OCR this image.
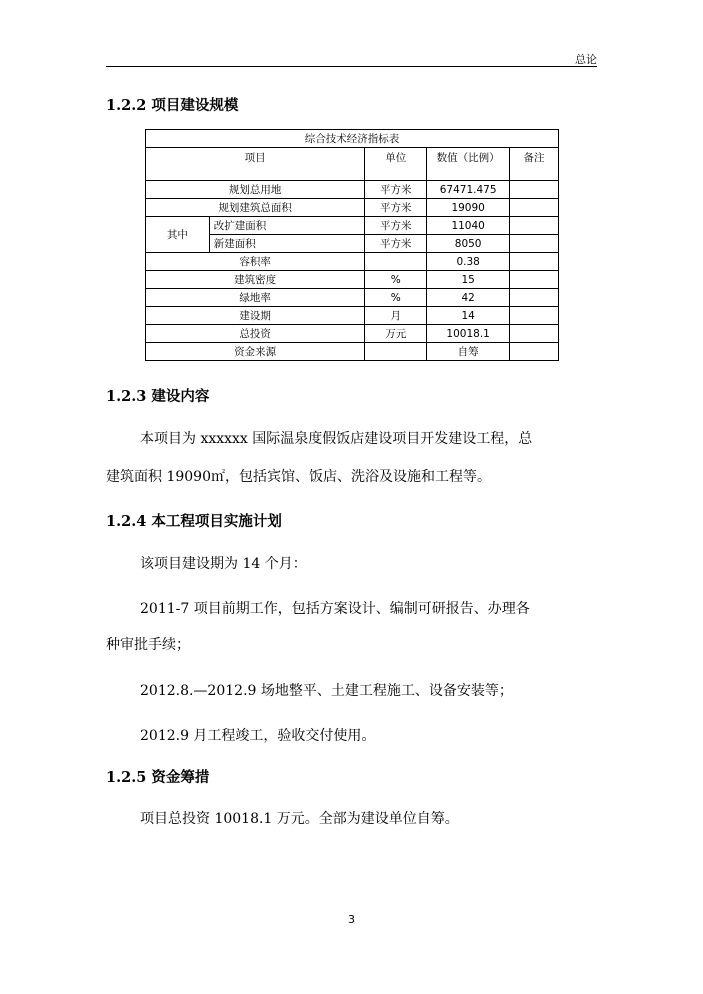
总论
1.2.2 项目建设规模
综合技术经济指标表				
项目		单位	数值（比例）	备注
规划总用地		平方米	67471.475	
规划建筑总面积		平方米	19090	
其中	改扩建面积	平方米	11040	
	新建面积	平方米	8050	
容积率			0.38	
建筑密度		%	15	
绿地率		%	42	
建设期		月	14	
总投资		万元	10018.1	
资金来源			自筹	
1.2.3 建设内容
本项目为 xxxxxx 国际温泉度假饭店建设项目开发建设工程，总
建筑面积 19090㎡，包括宾馆、饭店、洗浴及设施和工程等。
1.2.4 本工程项目实施计划
该项目建设期为 14 个月：
2011-7 项目前期工作，包括方案设计、编制可研报告、办理各
种审批手续；
2012.8.—2012.9 场地整平、土建工程施工、设备安装等；
2012.9 月工程竣工，验收交付使用。
1.2.5 资金筹措
项目总投资 10018.1 万元。全部为建设单位自筹。
3
